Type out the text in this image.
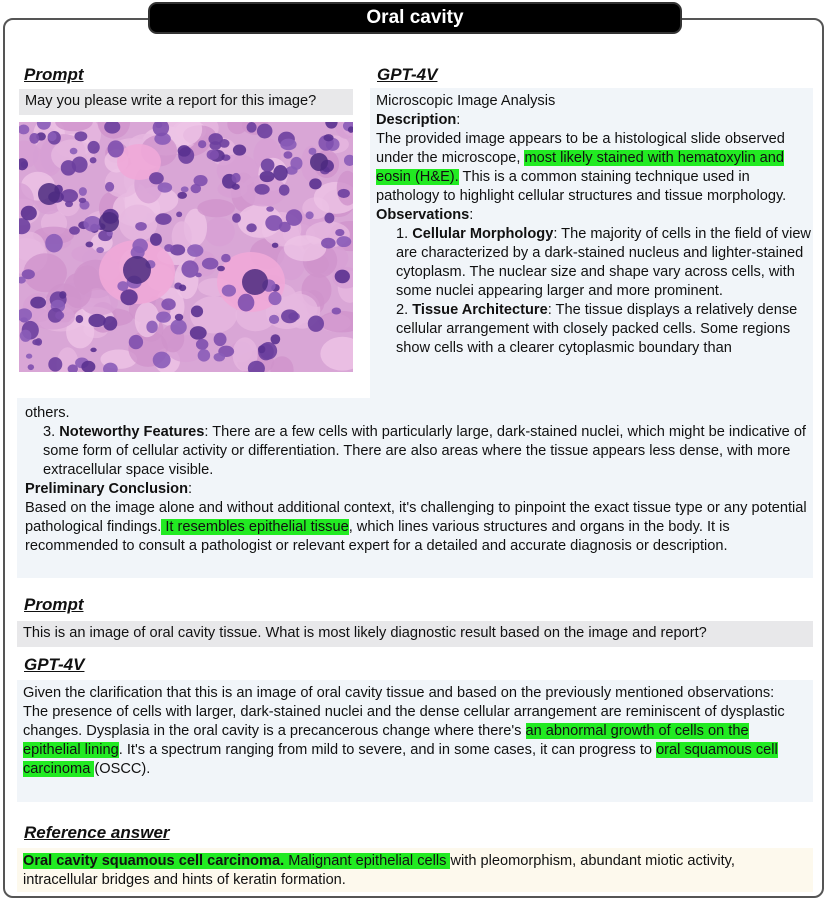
Oral cavity
Prompt	GPT-4V
May you please write a report for this image?	Microscopic Image Analysis
Description:
The provided image appears to be a histological slide observed under the microscope, most likely stained with hematoxylin and eosin (H&E). This is a common staining technique used in pathology to highlight cellular structures and tissue morphology.
Observations:
1. Cellular Morphology: The majority of cells in the field of view are characterized by a dark-stained nucleus and lighter-stained cytoplasm. The nuclear size and shape vary across cells, with some nuclei appearing larger and more prominent.
2. Tissue Architecture: The tissue displays a relatively dense cellular arrangement with closely packed cells. Some regions show cells with a clearer cytoplasmic boundary than
others.
3. Noteworthy Features: There are a few cells with particularly large, dark-stained nuclei, which might be indicative of some form of cellular activity or differentiation. There are also areas where the tissue appears less dense, with more extracellular space visible.
Preliminary Conclusion:
Based on the image alone and without additional context, it's challenging to pinpoint the exact tissue type or any potential pathological findings. It resembles epithelial tissue, which lines various structures and organs in the body. It is recommended to consult a pathologist or relevant expert for a detailed and accurate diagnosis or description.
Prompt
This is an image of oral cavity tissue. What is most likely diagnostic result based on the image and report?
GPT-4V
Given the clarification that this is an image of oral cavity tissue and based on the previously mentioned observations:
The presence of cells with larger, dark-stained nuclei and the dense cellular arrangement are reminiscent of dysplastic changes. Dysplasia in the oral cavity is a precancerous change where there's an abnormal growth of cells on the epithelial lining. It's a spectrum ranging from mild to severe, and in some cases, it can progress to oral squamous cell carcinoma (OSCC).
Reference answer
Oral cavity squamous cell carcinoma. Malignant epithelial cells with pleomorphism, abundant miotic activity, intracellular bridges and hints of keratin formation.
